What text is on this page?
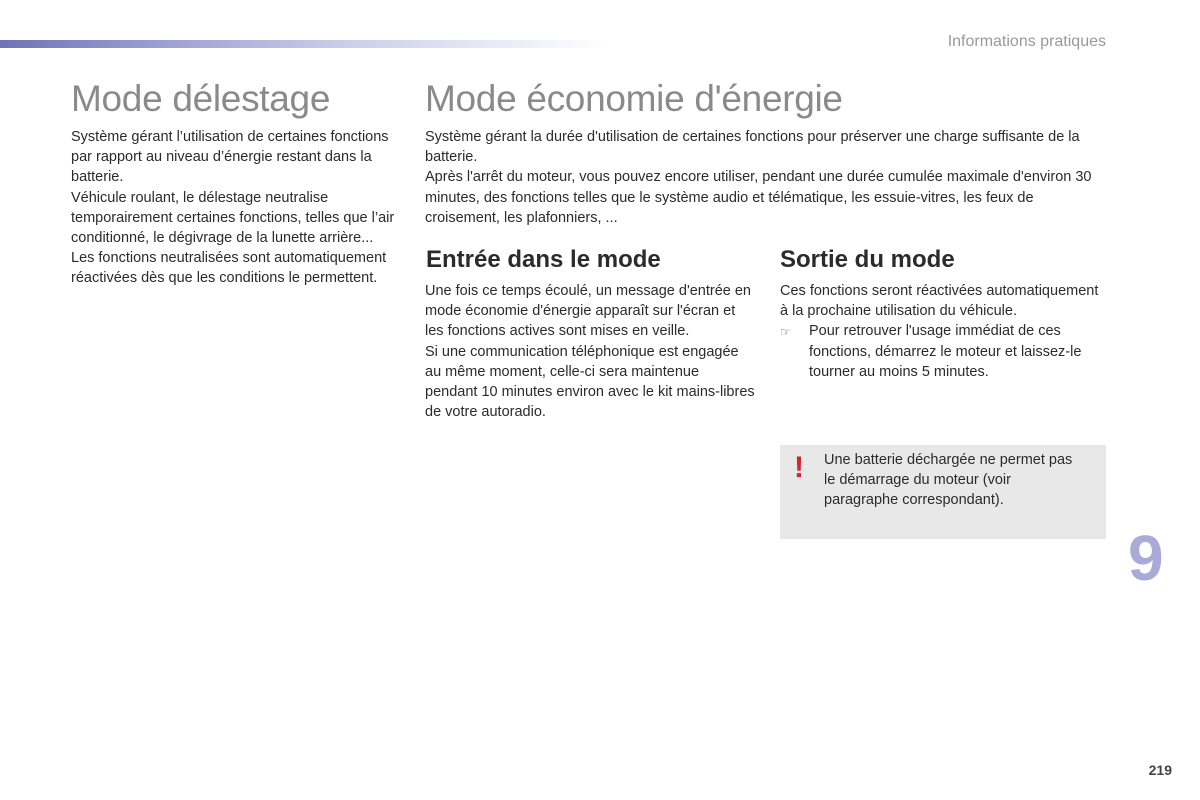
Informations pratiques
Mode délestage

Système gérant l’utilisation de certaines fonctions par rapport au niveau d’énergie restant dans la batterie.

Véhicule roulant, le délestage neutralise temporairement certaines fonctions, telles que l’air conditionné, le dégivrage de la lunette arrière...

Les fonctions neutralisées sont automatiquement réactivées dès que les conditions le permettent.

Mode économie d'énergie

Système gérant la durée d'utilisation de certaines fonctions pour préserver une charge suffisante de la batterie.

Après l'arrêt du moteur, vous pouvez encore utiliser, pendant une durée cumulée maximale d'environ 30 minutes, des fonctions telles que le système audio et télématique, les essuie-vitres, les feux de croisement, les plafonniers, ...

Entrée dans le mode

Une fois ce temps écoulé, un message d'entrée en mode économie d'énergie apparaît sur l'écran et les fonctions actives sont mises en veille.

Si une communication téléphonique est engagée au même moment, celle-ci sera maintenue pendant 10 minutes environ avec le kit mains-libres de votre autoradio.

Sortie du mode

Ces fonctions seront réactivées automatiquement à la prochaine utilisation du véhicule.

☞	Pour retrouver l'usage immédiat de ces fonctions, démarrez le moteur et laissez-le tourner au moins 5 minutes.
! Une batterie déchargée ne permet pas le démarrage du moteur (voir paragraphe correspondant).
9
219
